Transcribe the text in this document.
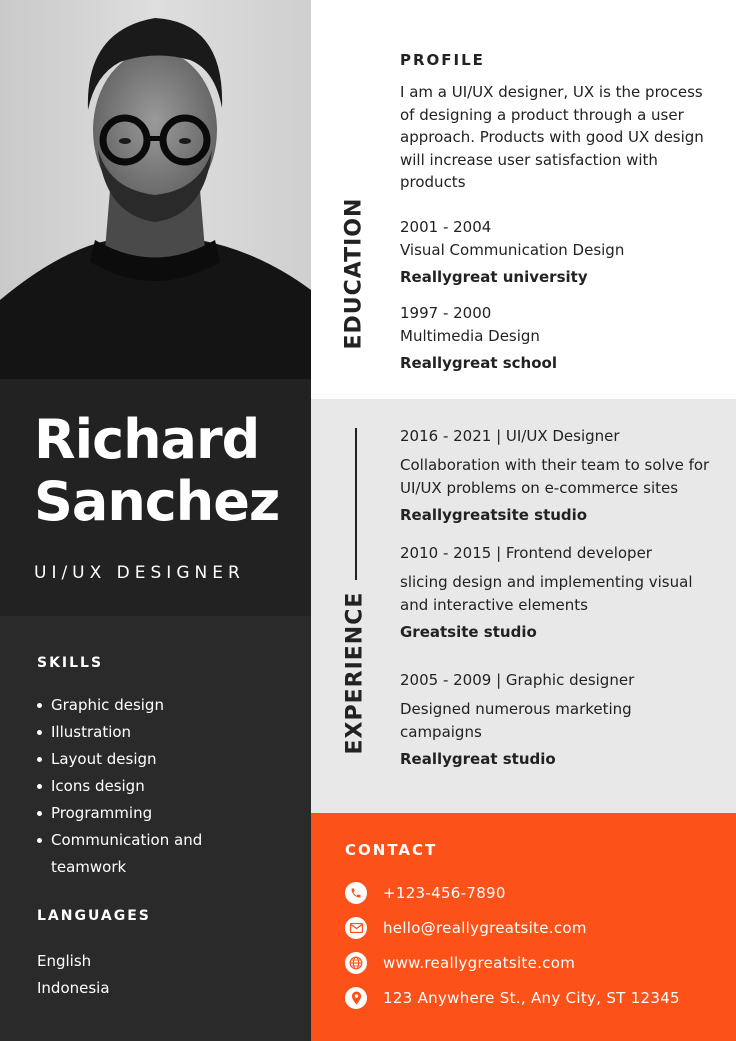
Richard
Sanchez
UI/UX DESIGNER
SKILLS
Graphic design
Illustration
Layout design
Icons design
Programming
Communication and
teamwork
LANGUAGES
English
Indonesia
PROFILE
I am a UI/UX designer, UX is the process of designing a product through a user approach. Products with good UX design will increase user satisfaction with products
EDUCATION 2001 - 2004
Visual Communication Design
Reallygreat university
1997 - 2000
Multimedia Design
Reallygreat school
2016 - 2021 | UI/UX Designer
Collaboration with their team to solve for UI/UX problems on e-commerce sites
Reallygreatsite studio
2010 - 2015 | Frontend developer
slicing design and implementing visual and interactive elements
Greatsite studio
2005 - 2009 | Graphic designer
Designed numerous marketing campaigns
Reallygreat studio
EXPERIENCE
CONTACT
+123-456-7890
hello@reallygreatsite.com
www.reallygreatsite.com
123 Anywhere St., Any City, ST 12345
